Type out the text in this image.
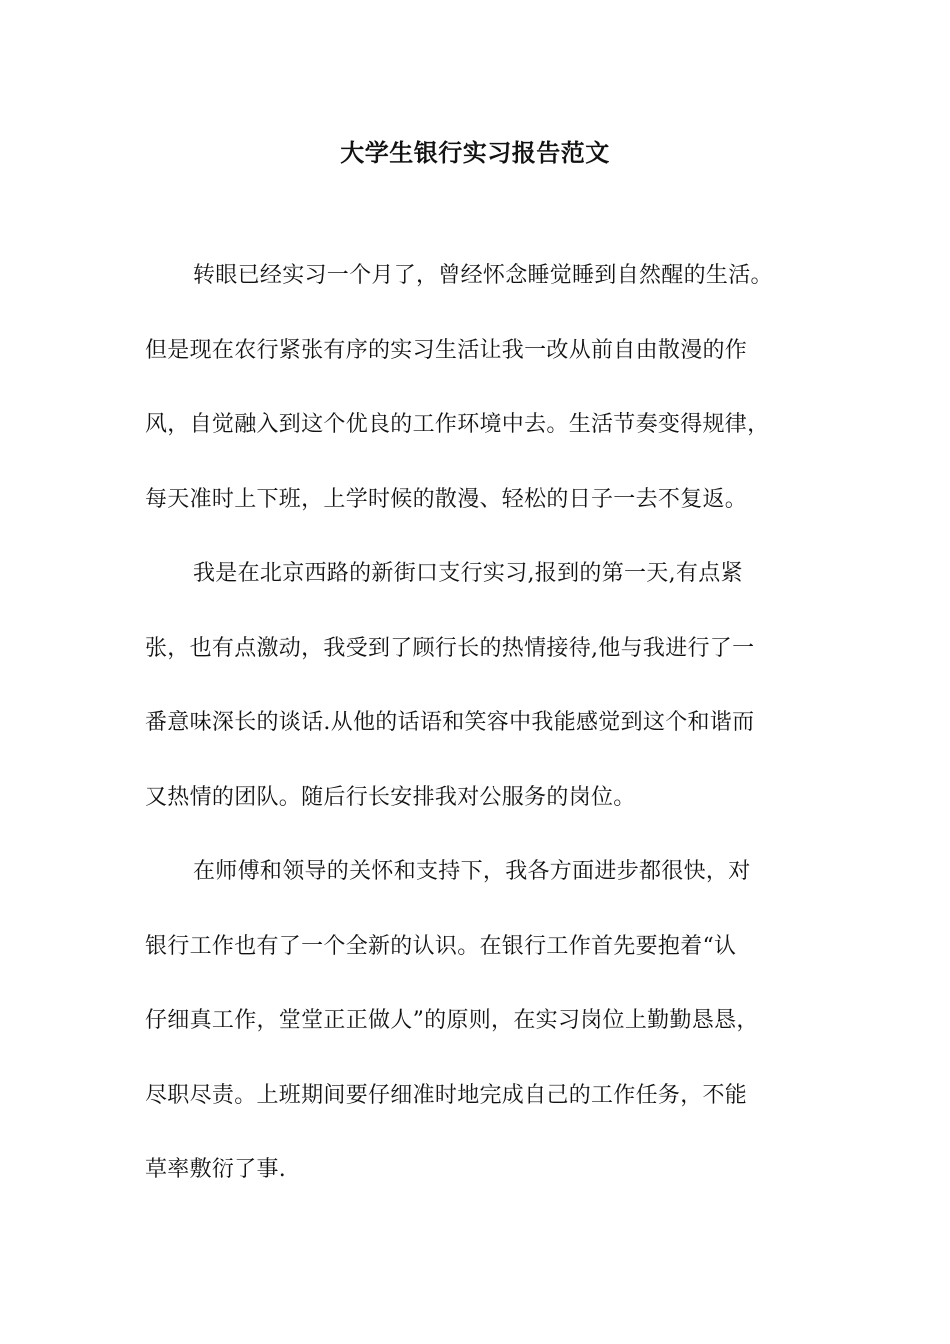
大学生银行实习报告范文
转眼已经实习一个月了，曾经怀念睡觉睡到自然醒的生活。
但是现在农行紧张有序的实习生活让我一改从前自由散漫的作
风，自觉融入到这个优良的工作环境中去。生活节奏变得规律，
每天准时上下班，上学时候的散漫、轻松的日子一去不复返。
我是在北京西路的新街口支行实习,报到的第一天,有点紧
张，也有点激动，我受到了顾行长的热情接待,他与我进行了一
番意味深长的谈话.从他的话语和笑容中我能感觉到这个和谐而
又热情的团队。随后行长安排我对公服务的岗位。
在师傅和领导的关怀和支持下，我各方面进步都很快，对
银行工作也有了一个全新的认识。在银行工作首先要抱着“认
仔细真工作，堂堂正正做人”的原则，在实习岗位上勤勤恳恳，
尽职尽责。上班期间要仔细准时地完成自己的工作任务，不能
草率敷衍了事.
